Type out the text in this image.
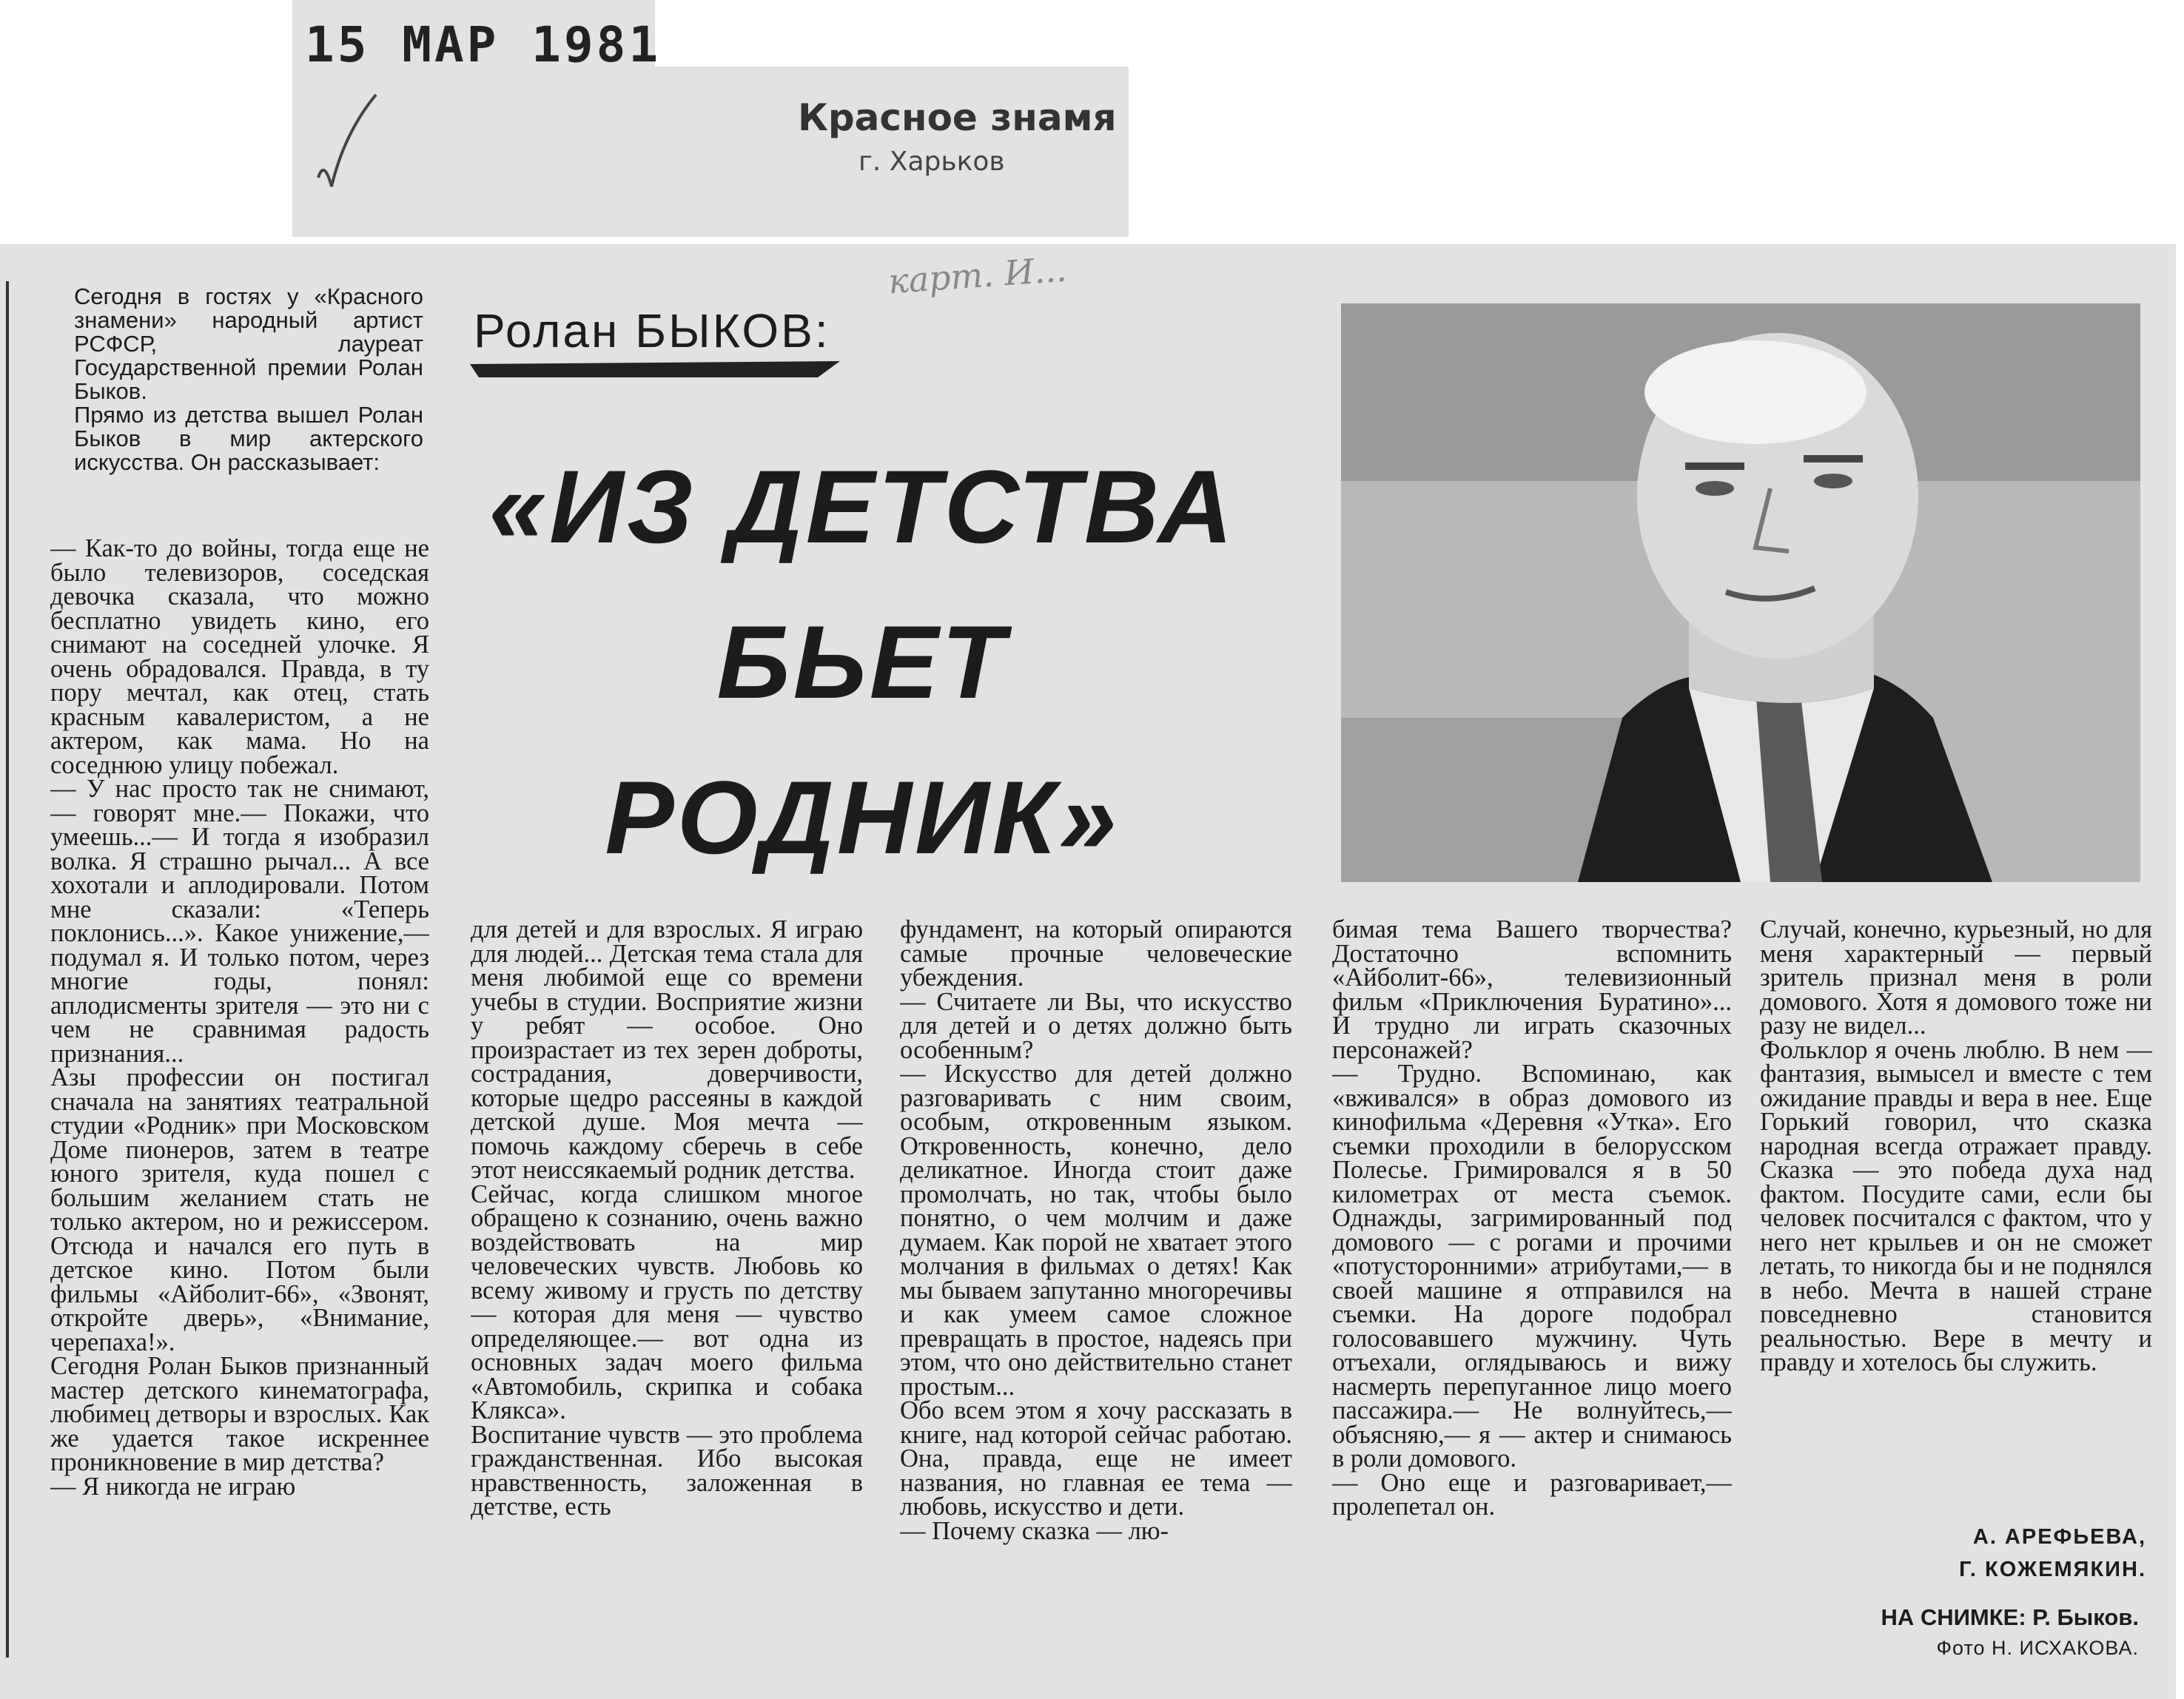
15 МАР 1981
Красное знамя
г. Харьков
карт. И...
Сегодня в гостях у «Красного знамени» народный артист РСФСР, лауреат Государственной премии Ролан Быков.
Прямо из детства вышел Ролан Быков в мир актерского искусства. Он рассказывает:
Ролан БЫКОВ:
«ИЗ ДЕТСТВА
БЬЕТ
РОДНИК»
— Как-то до войны, тогда еще не было телевизоров, соседская девочка сказала, что можно бесплатно увидеть кино, его снимают на соседней улочке. Я очень обрадовался. Правда, в ту пору мечтал, как отец, стать красным кавалеристом, а не актером, как мама. Но на соседнюю улицу побежал.
— У нас просто так не снимают,— говорят мне.— Покажи, что умеешь...— И тогда я изобразил волка. Я страшно рычал... А все хохотали и аплодировали. Потом мне сказали: «Теперь поклонись...». Какое унижение,— подумал я. И только потом, через многие годы, понял: аплодисменты зрителя — это ни с чем не сравнимая радость признания...
Азы профессии он постигал сначала на занятиях театральной студии «Родник» при Московском Доме пионеров, затем в театре юного зрителя, куда пошел с большим желанием стать не только актером, но и режиссером. Отсюда и начался его путь в детское кино. Потом были фильмы «Айболит-66», «Звонят, откройте дверь», «Внимание, черепаха!».
Сегодня Ролан Быков признанный мастер детского кинематографа, любимец детворы и взрослых. Как же удается такое искреннее проникновение в мир детства?
— Я никогда не играю
для детей и для взрослых. Я играю для людей... Детская тема стала для меня любимой еще со времени учебы в студии. Восприятие жизни у ребят — особое. Оно произрастает из тех зерен доброты, сострадания, доверчивости, которые щедро рассеяны в каждой детской душе. Моя мечта — помочь каждому сберечь в себе этот неиссякаемый родник детства.
Сейчас, когда слишком многое обращено к сознанию, очень важно воздействовать на мир человеческих чувств. Любовь ко всему живому и грусть по детству — которая для меня — чувство определяющее.— вот одна из основных задач моего фильма «Автомобиль, скрипка и собака Клякса».
Воспитание чувств — это проблема гражданственная. Ибо высокая нравственность, заложенная в детстве, есть
фундамент, на который опираются самые прочные человеческие убеждения.
— Считаете ли Вы, что искусство для детей и о детях должно быть особенным?
— Искусство для детей должно разговаривать с ним своим, особым, откровенным языком. Откровенность, конечно, дело деликатное. Иногда стоит даже промолчать, но так, чтобы было понятно, о чем молчим и даже думаем. Как порой не хватает этого молчания в фильмах о детях! Как мы бываем запутанно многоречивы и как умеем самое сложное превращать в простое, надеясь при этом, что оно действительно станет простым...
Обо всем этом я хочу рассказать в книге, над которой сейчас работаю. Она, правда, еще не имеет названия, но главная ее тема — любовь, искусство и дети.
— Почему сказка — лю-
бимая тема Вашего творчества? Достаточно вспомнить «Айболит-66», телевизионный фильм «Приключения Буратино»... И трудно ли играть сказочных персонажей?
— Трудно. Вспоминаю, как «вживался» в образ домового из кинофильма «Деревня «Утка». Его съемки проходили в белорусском Полесье. Гримировался я в 50 километрах от места съемок. Однажды, загримированный под домового — с рогами и прочими «потусторонними» атрибутами,— в своей машине я отправился на съемки. На дороге подобрал голосовавшего мужчину. Чуть отъехали, оглядываюсь и вижу насмерть перепуганное лицо моего пассажира.— Не волнуйтесь,— объясняю,— я — актер и снимаюсь в роли домового.
— Оно еще и разговаривает,— пролепетал он.
Случай, конечно, курьезный, но для меня характерный — первый зритель признал меня в роли домового. Хотя я домового тоже ни разу не видел...
Фольклор я очень люблю. В нем — фантазия, вымысел и вместе с тем ожидание правды и вера в нее. Еще Горький говорил, что сказка народная всегда отражает правду. Сказка — это победа духа над фактом. Посудите сами, если бы человек посчитался с фактом, что у него нет крыльев и он не сможет летать, то никогда бы и не поднялся в небо. Мечта в нашей стране повседневно становится реальностью. Вере в мечту и правду и хотелось бы служить.
А. АРЕФЬЕВА,
Г. КОЖЕМЯКИН.
НА СНИМКЕ: Р. Быков.
Фото Н. ИСХАКОВА.
